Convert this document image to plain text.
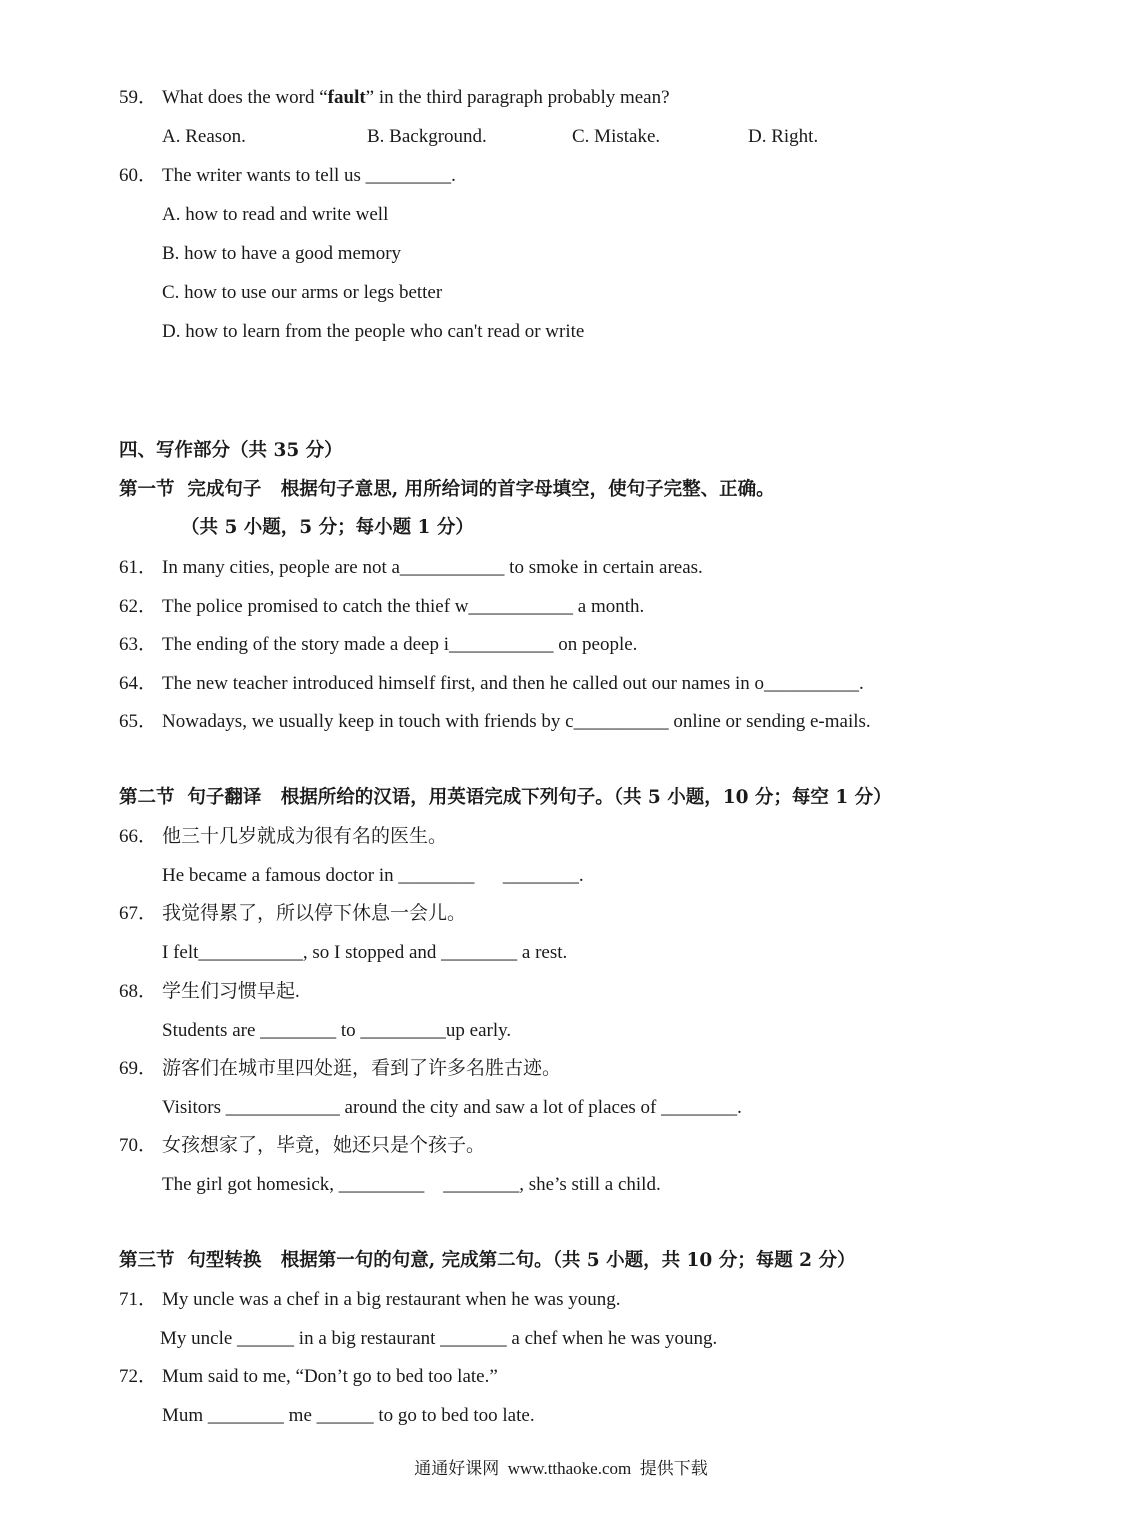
59． What does the word “fault” in the third paragraph probably mean?
A. Reason.	B. Background.	C. Mistake.	D. Right.
60． The writer wants to tell us _________.
A. how to read and write well
B. how to have a good memory
C. how to use our arms or legs better
D. how to learn from the people who can't read or write
四、写作部分（共 35 分）
第一节  完成句子   根据句子意思, 用所给词的首字母填空，使句子完整、正确。
（共 5 小题，5 分；每小题 1 分）
61． In many cities, people are not a___________ to smoke in certain areas.
62． The police promised to catch the thief w___________ a month.
63． The ending of the story made a deep i___________ on people.
64． The new teacher introduced himself first, and then he called out our names in o__________.
65． Nowadays, we usually keep in touch with friends by c__________ online or sending e-mails.
第二节  句子翻译   根据所给的汉语，用英语完成下列句子。（共 5 小题，10 分；每空 1 分）
66． 他三十几岁就成为很有名的医生。
He became a famous doctor in ________      ________.
67． 我觉得累了，所以停下休息一会儿。
I felt___________, so I stopped and ________ a rest.
68． 学生们习惯早起.
Students are ________ to _________up early.
69． 游客们在城市里四处逛，看到了许多名胜古迹。
Visitors ____________ around the city and saw a lot of places of ________.
70． 女孩想家了，毕竟，她还只是个孩子。
The girl got homesick, _________    ________, she’s still a child.
第三节  句型转换   根据第一句的句意, 完成第二句。（共 5 小题，共 10 分；每题 2 分）
71． My uncle was a chef in a big restaurant when he was young.
My uncle ______ in a big restaurant _______ a chef when he was young.
72． Mum said to me, “Don’t go to bed too late.”
Mum ________ me ______ to go to bed too late.
通通好课网  www.tthaoke.com  提供下载
